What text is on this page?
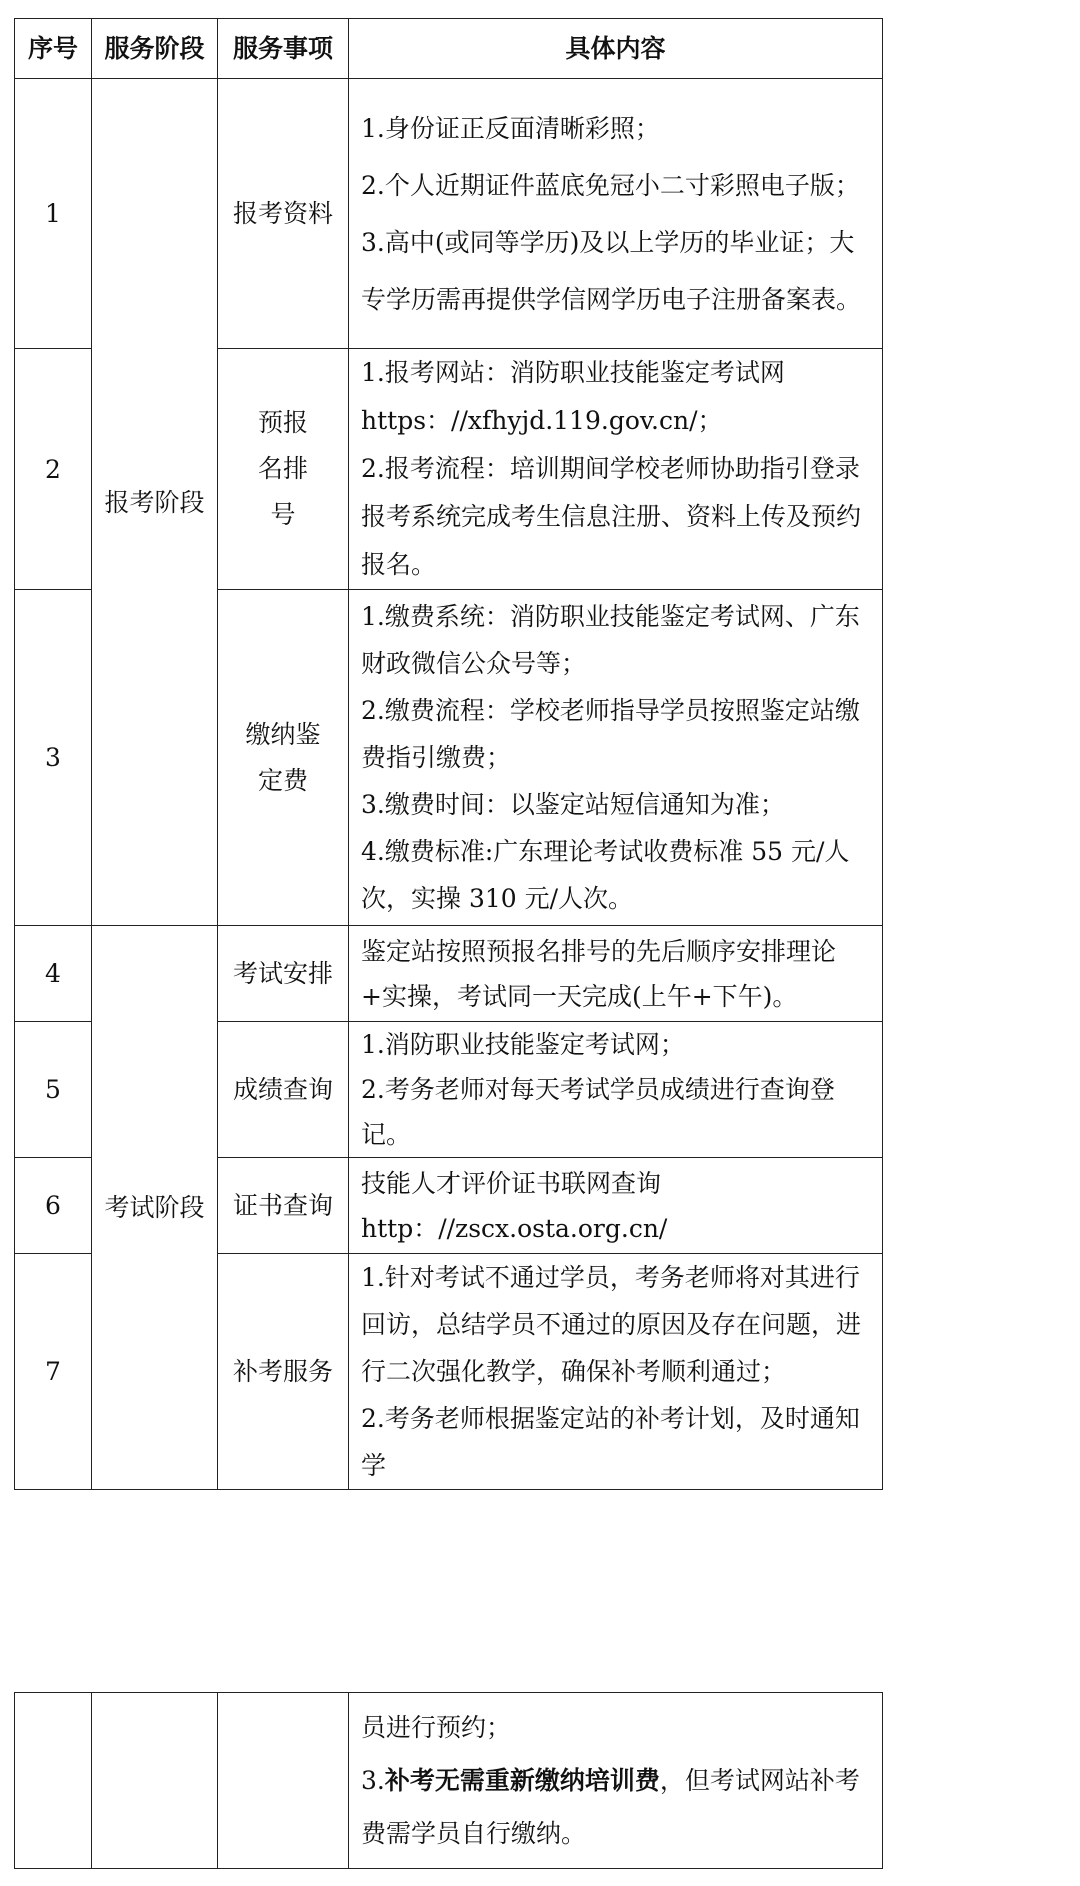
序号	服务阶段	服务事项	具体内容
1	报考阶段	报考资料	1.身份证正反面清晰彩照；
2.个人近期证件蓝底免冠小二寸彩照电子版；
3.高中(或同等学历)及以上学历的毕业证；大专学历需再提供学信网学历电子注册备案表。

2		预报名排号	1.报考网站：消防职业技能鉴定考试网 https：//xfhyjd.119.gov.cn/；
2.报考流程：培训期间学校老师协助指引登录报考系统完成考生信息注册、资料上传及预约报名。

3		缴纳鉴定费	1.缴费系统：消防职业技能鉴定考试网、广东财政微信公众号等；
2.缴费流程：学校老师指导学员按照鉴定站缴费指引缴费；
3.缴费时间：以鉴定站短信通知为准；
4.缴费标准:广东理论考试收费标准 55 元/人次，实操 310 元/人次。

4	考试阶段	考试安排	鉴定站按照预报名排号的先后顺序安排理论+实操，考试同一天完成(上午+下午)。

5		成绩查询	1.消防职业技能鉴定考试网；
2.考务老师对每天考试学员成绩进行查询登记。

6		证书查询	技能人才评价证书联网查询 http：//zscx.osta.org.cn/

7		补考服务	1.针对考试不通过学员，考务老师将对其进行回访，总结学员不通过的原因及存在问题，进行二次强化教学，确保补考顺利通过；
2.考务老师根据鉴定站的补考计划，及时通知学

员进行预约；
3.补考无需重新缴纳培训费，但考试网站补考费需学员自行缴纳。
